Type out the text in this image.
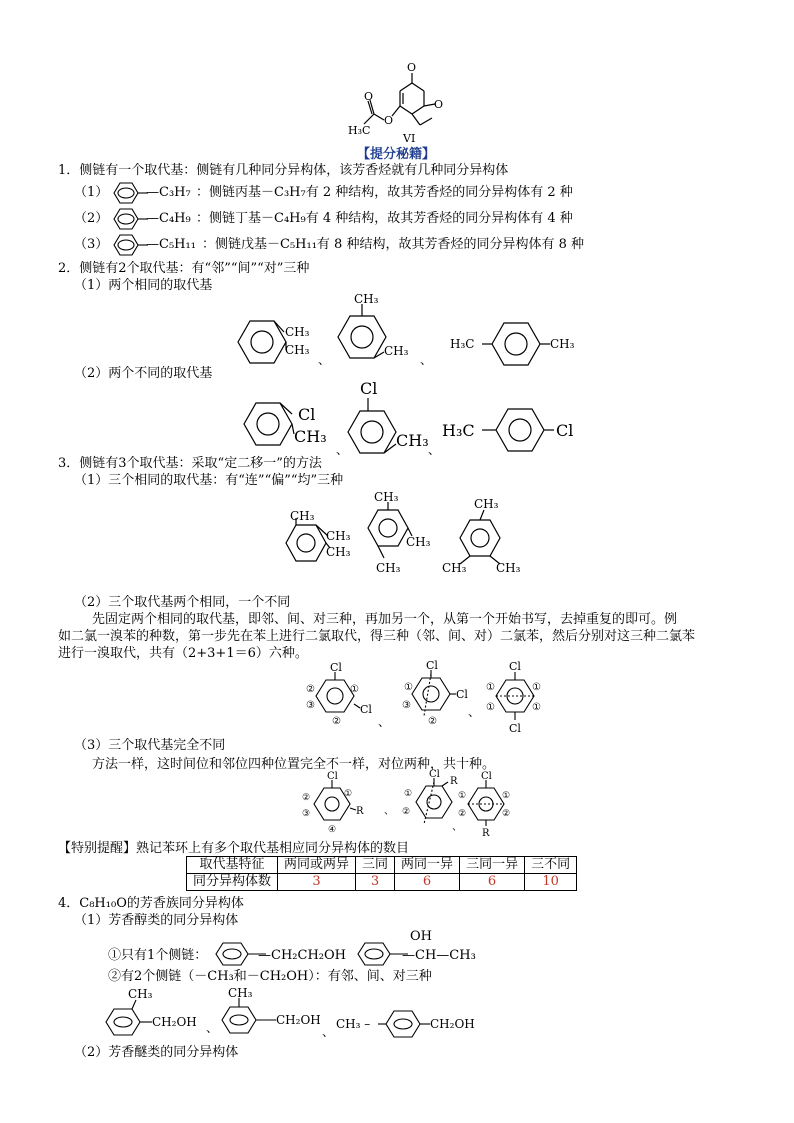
O
O
O
O
H₃C
VI
【提分秘籍】
1．侧链有一个取代基：侧链有几种同分异构体，该芳香烃就有几种同分异构体
（1）	—C₃H₇ ：侧链丙基－C₃H₇有 2 种结构，故其芳香烃的同分异构体有 2 种
（2）	—C₄H₉ ：侧链丁基－C₄H₉有 4 种结构，故其芳香烃的同分异构体有 4 种
（3）	—C₅H₁₁ ：侧链戊基－C₅H₁₁有 8 种结构，故其芳香烃的同分异构体有 8 种
2．侧链有2个取代基：有“邻”“间”“对”三种
（1）两个相同的取代基
CH₃
CH₃
、
CH₃
CH₃
、
H₃C	CH₃
（2）两个不同的取代基
Cl
CH₃
、
Cl
CH₃ 、
H₃C	Cl
3．侧链有3个取代基：采取“定二移一”的方法
（1）三个相同的取代基：有“连”“偏”“均”三种
CH₃
CH₃
CH₃
CH₃
CH₃
CH₃
CH₃
CH₃ CH₃
（2）三个取代基两个相同，一个不同
先固定两个相同的取代基，即邻、间、对三种，再加另一个，从第一个开始书写，去掉重复的即可。例
如二氯一溴苯的种数，第一步先在苯上进行二氯取代，得三种（邻、间、对）二氯苯，然后分别对这三种二氯苯
进行一溴取代，共有（2+3+1＝6）六种。
Cl
Cl
②
③
①
②	、
Cl
Cl
①
③
②
、
Cl
Cl
①	①
①	①
（3）三个取代基完全不同
方法一样，这时间位和邻位四种位置完全不一样，对位两种，共十种。
Cl
R
①
②
③
④
、
Cl
R
①
②
、
Cl
R
①	①
②	②
【特别提醒】熟记苯环上有多个取代基相应同分异构体的数目
取代基特征	两同或两异	三同	两同一异	三同一异	三不同
同分异构体数	3	3	6	6	10
4．C₈H₁₀O的芳香族同分异构体
（1）芳香醇类的同分异构体
①只有1个侧链：	—CH₂CH₂OH
OH
—CH—CH₃
②有2个侧链（－CH₃和－CH₂OH）：有邻、间、对三种
CH₃
CH₂OH 、
CH₃
CH₂OH
、
CH₃ –	CH₂OH
（2）芳香醚类的同分异构体
